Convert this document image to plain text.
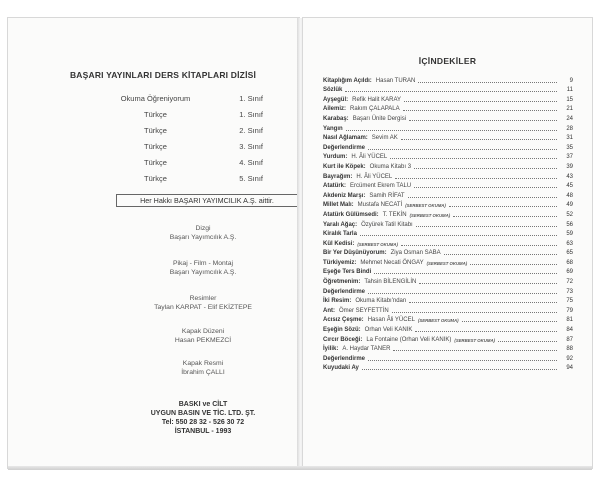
BAŞARI YAYINLARI DERS KİTAPLARI DİZİSİ
Okuma Öğreniyorum	1. Sınıf
Türkçe	1. Sınıf
Türkçe	2. Sınıf
Türkçe	3. Sınıf
Türkçe	4. Sınıf
Türkçe	5. Sınıf
Her Hakkı BAŞARI YAYIMCILIK A.Ş. aittir.
Dizgi
Başarı Yayımcılık A.Ş.
Pikaj - Film - Montaj
Başarı Yayımcılık A.Ş.
Resimler
Taylan KARPAT - Elif EKİZTEPE
Kapak Düzeni
Hasan PEKMEZCİ
Kapak Resmi
İbrahim ÇALLI
BASKI ve CİLT
UYGUN BASIN VE TİC. LTD. ŞT.
Tel: 550 28 32 - 526 30 72
İSTANBUL - 1993
İÇİNDEKİLER
Kitaplığım Açıldı: Hasan TURAN	9
Sözlük	11
Ayşegül: Refik Halit KARAY	15
Ailemiz: Rakım ÇALAPALA	21
Karabaş: Başarı Ünite Dergisi	24
Yangın	28
Nasıl Ağlamam: Sevim AK	31
Değerlendirme	35
Yurdum: H. Âli YÜCEL	37
Kurt ile Köpek: Okuma Kitabı 3	39
Bayrağım: H. Âli YÜCEL	43
Atatürk: Ercüment Ekrem TALU	45
Akdeniz Marşı: Samih RİFAT	48
Millet Malı: Mustafa NECATİ (SERBEST OKUMA)	49
Atatürk Gülümsedi: T. TEKİN (SERBEST OKUMA)	52
Yaralı Ağaç: Özyürek Tatil Kitabı	56
Kiralık Tarla	59
Kül Kedisi: (SERBEST OKUMA)	63
Bir Yer Düşünüyorum: Ziya Osman SABA	65
Türkiyemiz: Mehmet Necati ÖNGAY (SERBEST OKUMA)	68
Eşeğe Ters Bindi	69
Öğretmenim: Tahsin BİLENGİLİN	72
Değerlendirme	73
İki Resim: Okuma Kitabı'ndan	75
Ant: Ömer SEYFETTİN	79
Acısız Çeşme: Hasan Âli YÜCEL (SERBEST OKUMA)	81
Eşeğin Sözü: Orhan Veli KANIK	84
Cırcır Böceği: La Fontaine (Orhan Veli KANIK) (SERBEST OKUMA)	87
İyilik: A. Haydar TANER	88
Değerlendirme	92
Kuyudaki Ay	94
